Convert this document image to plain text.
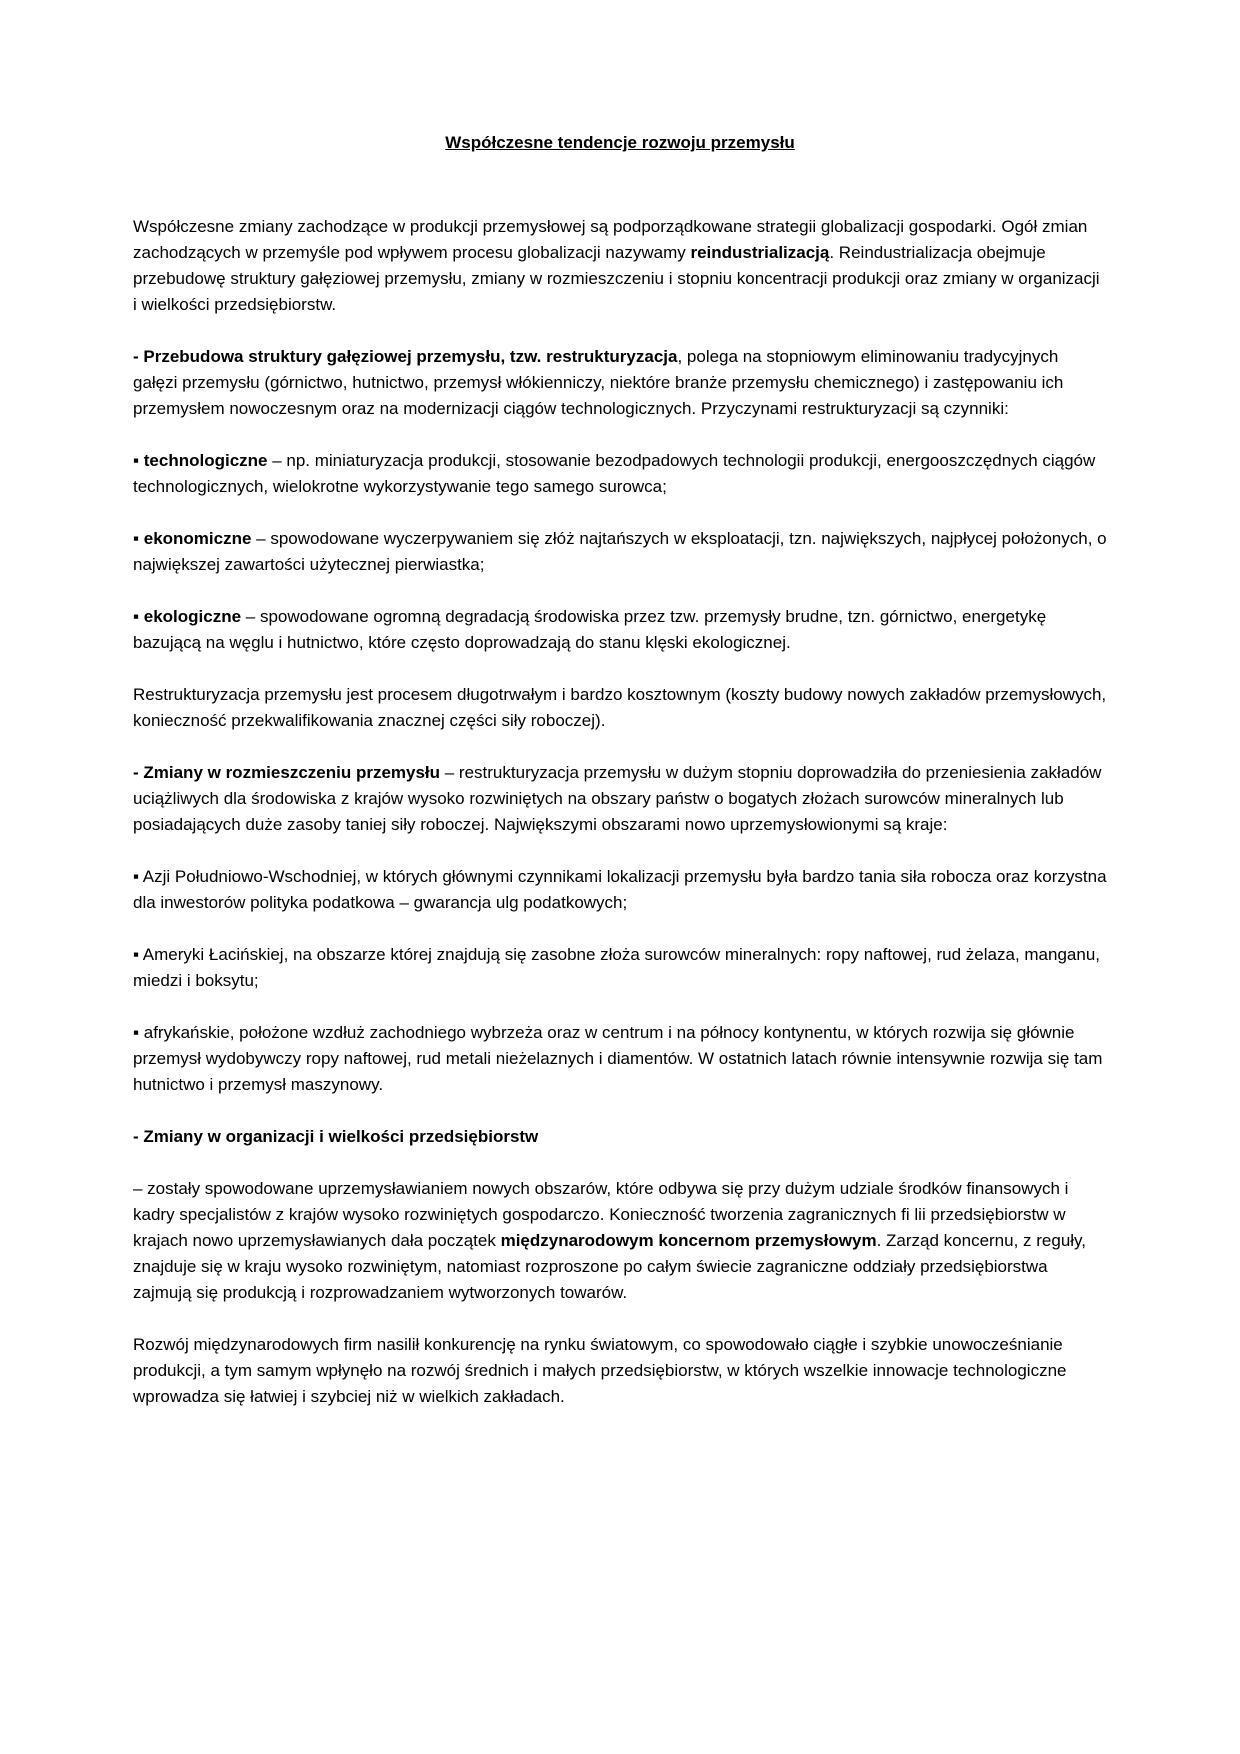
Współczesne tendencje rozwoju przemysłu

Współczesne zmiany zachodzące w produkcji przemysłowej są podporządkowane strategii globalizacji gospodarki. Ogół zmian zachodzących w przemyśle pod wpływem procesu globalizacji nazywamy reindustrializacją. Reindustrializacja obejmuje przebudowę struktury gałęziowej przemysłu, zmiany w rozmieszczeniu i stopniu koncentracji produkcji oraz zmiany w organizacji i wielkości przedsiębiorstw.

- Przebudowa struktury gałęziowej przemysłu, tzw. restrukturyzacja, polega na stopniowym eliminowaniu tradycyjnych gałęzi przemysłu (górnictwo, hutnictwo, przemysł włókienniczy, niektóre branże przemysłu chemicznego) i zastępowaniu ich przemysłem nowoczesnym oraz na modernizacji ciągów technologicznych. Przyczynami restrukturyzacji są czynniki:

▪ technologiczne – np. miniaturyzacja produkcji, stosowanie bezodpadowych technologii produkcji, energooszczędnych ciągów technologicznych, wielokrotne wykorzystywanie tego samego surowca;

▪ ekonomiczne – spowodowane wyczerpywaniem się złóż najtańszych w eksploatacji, tzn. największych, najpłycej położonych, o największej zawartości użytecznej pierwiastka;

▪ ekologiczne – spowodowane ogromną degradacją środowiska przez tzw. przemysły brudne, tzn. górnictwo, energetykę bazującą na węglu i hutnictwo, które często doprowadzają do stanu klęski ekologicznej.

Restrukturyzacja przemysłu jest procesem długotrwałym i bardzo kosztownym (koszty budowy nowych zakładów przemysłowych, konieczność przekwalifikowania znacznej części siły roboczej).

- Zmiany w rozmieszczeniu przemysłu – restrukturyzacja przemysłu w dużym stopniu doprowadziła do przeniesienia zakładów uciążliwych dla środowiska z krajów wysoko rozwiniętych na obszary państw o bogatych złożach surowców mineralnych lub posiadających duże zasoby taniej siły roboczej. Największymi obszarami nowo uprzemysłowionymi są kraje:

▪ Azji Południowo-Wschodniej, w których głównymi czynnikami lokalizacji przemysłu była bardzo tania siła robocza oraz korzystna dla inwestorów polityka podatkowa – gwarancja ulg podatkowych;

▪ Ameryki Łacińskiej, na obszarze której znajdują się zasobne złoża surowców mineralnych: ropy naftowej, rud żelaza, manganu, miedzi i boksytu;

▪ afrykańskie, położone wzdłuż zachodniego wybrzeża oraz w centrum i na północy kontynentu, w których rozwija się głównie przemysł wydobywczy ropy naftowej, rud metali nieżelaznych i diamentów. W ostatnich latach równie intensywnie rozwija się tam hutnictwo i przemysł maszynowy.

- Zmiany w organizacji i wielkości przedsiębiorstw

– zostały spowodowane uprzemysławianiem nowych obszarów, które odbywa się przy dużym udziale środków finansowych i kadry specjalistów z krajów wysoko rozwiniętych gospodarczo. Konieczność tworzenia zagranicznych fi lii przedsiębiorstw w krajach nowo uprzemysławianych dała początek międzynarodowym koncernom przemysłowym. Zarząd koncernu, z reguły, znajduje się w kraju wysoko rozwiniętym, natomiast rozproszone po całym świecie zagraniczne oddziały przedsiębiorstwa zajmują się produkcją i rozprowadzaniem wytworzonych towarów.

Rozwój międzynarodowych firm nasilił konkurencję na rynku światowym, co spowodowało ciągłe i szybkie unowocześnianie produkcji, a tym samym wpłynęło na rozwój średnich i małych przedsiębiorstw, w których wszelkie innowacje technologiczne wprowadza się łatwiej i szybciej niż w wielkich zakładach.
